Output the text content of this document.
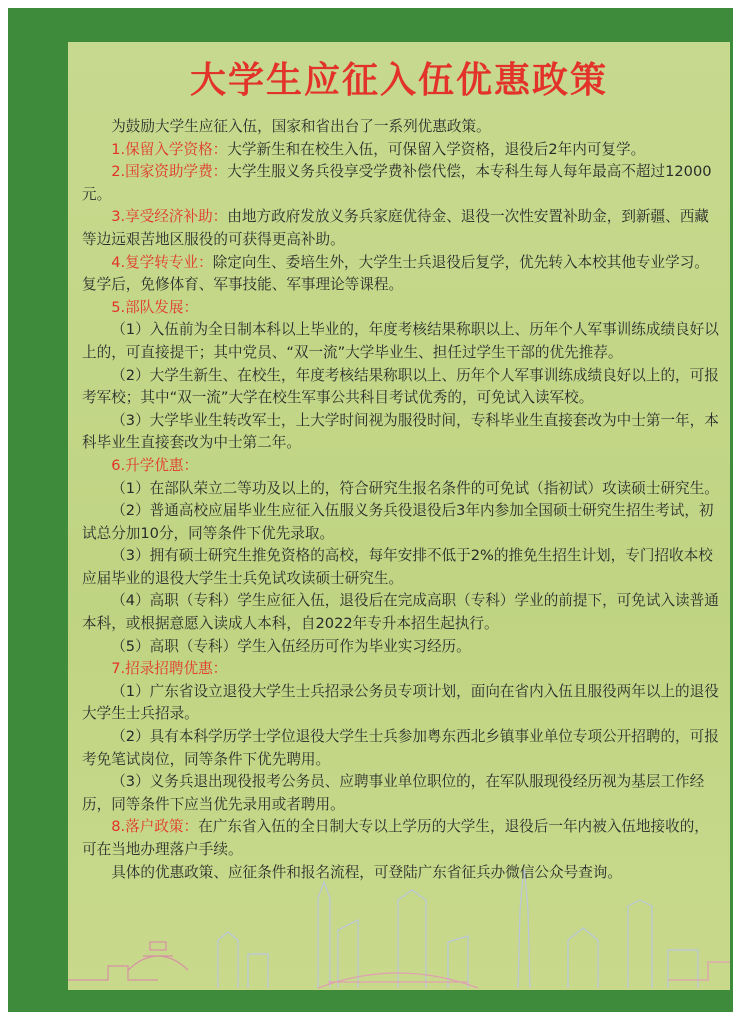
大学生应征入伍优惠政策

为鼓励大学生应征入伍，国家和省出台了一系列优惠政策。

1.保留入学资格：大学新生和在校生入伍，可保留入学资格，退役后2年内可复学。

2.国家资助学费：大学生服义务兵役享受学费补偿代偿，本专科生每人每年最高不超过12000元。

3.享受经济补助：由地方政府发放义务兵家庭优待金、退役一次性安置补助金，到新疆、西藏等边远艰苦地区服役的可获得更高补助。

4.复学转专业：除定向生、委培生外，大学生士兵退役后复学，优先转入本校其他专业学习。复学后，免修体育、军事技能、军事理论等课程。

5.部队发展：

（1）入伍前为全日制本科以上毕业的，年度考核结果称职以上、历年个人军事训练成绩良好以上的，可直接提干；其中党员、“双一流”大学毕业生、担任过学生干部的优先推荐。

（2）大学生新生、在校生，年度考核结果称职以上、历年个人军事训练成绩良好以上的，可报考军校；其中“双一流”大学在校生军事公共科目考试优秀的，可免试入读军校。

（3）大学毕业生转改军士，上大学时间视为服役时间，专科毕业生直接套改为中士第一年，本科毕业生直接套改为中士第二年。

6.升学优惠：

（1）在部队荣立二等功及以上的，符合研究生报名条件的可免试（指初试）攻读硕士研究生。

（2）普通高校应届毕业生应征入伍服义务兵役退役后3年内参加全国硕士研究生招生考试，初试总分加10分，同等条件下优先录取。

（3）拥有硕士研究生推免资格的高校，每年安排不低于2%的推免生招生计划，专门招收本校应届毕业的退役大学生士兵免试攻读硕士研究生。

（4）高职（专科）学生应征入伍，退役后在完成高职（专科）学业的前提下，可免试入读普通本科，或根据意愿入读成人本科，自2022年专升本招生起执行。

（5）高职（专科）学生入伍经历可作为毕业实习经历。

7.招录招聘优惠：

（1）广东省设立退役大学生士兵招录公务员专项计划，面向在省内入伍且服役两年以上的退役大学生士兵招录。

（2）具有本科学历学士学位退役大学生士兵参加粤东西北乡镇事业单位专项公开招聘的，可报考免笔试岗位，同等条件下优先聘用。

（3）义务兵退出现役报考公务员、应聘事业单位职位的，在军队服现役经历视为基层工作经历，同等条件下应当优先录用或者聘用。

8.落户政策：在广东省入伍的全日制大专以上学历的大学生，退役后一年内被入伍地接收的，可在当地办理落户手续。

具体的优惠政策、应征条件和报名流程，可登陆广东省征兵办微信公众号查询。
